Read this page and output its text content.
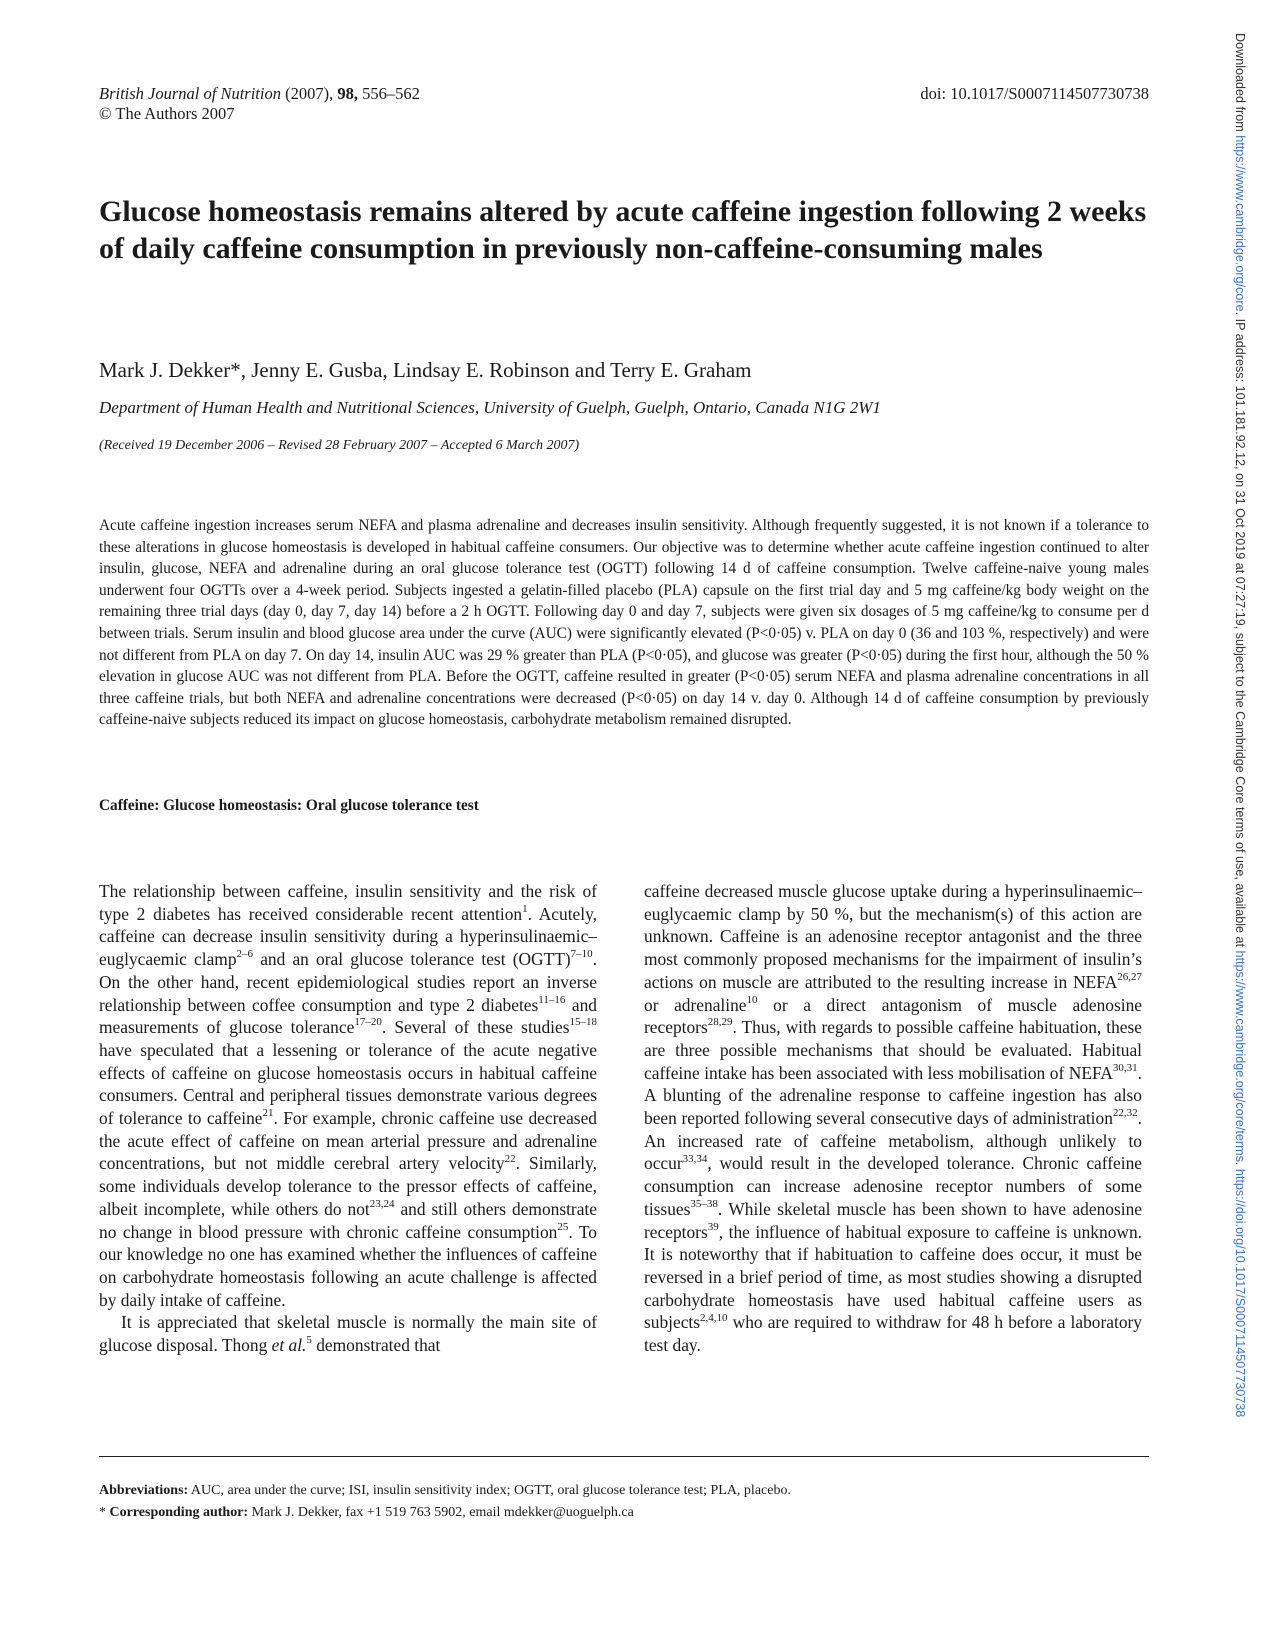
British Journal of Nutrition (2007), 98, 556–562
© The Authors 2007
doi: 10.1017/S0007114507730738
Glucose homeostasis remains altered by acute caffeine ingestion following 2 weeks of daily caffeine consumption in previously non-caffeine-consuming males
Mark J. Dekker*, Jenny E. Gusba, Lindsay E. Robinson and Terry E. Graham
Department of Human Health and Nutritional Sciences, University of Guelph, Guelph, Ontario, Canada N1G 2W1
(Received 19 December 2006 – Revised 28 February 2007 – Accepted 6 March 2007)

Acute caffeine ingestion increases serum NEFA and plasma adrenaline and decreases insulin sensitivity. Although frequently suggested, it is not known if a tolerance to these alterations in glucose homeostasis is developed in habitual caffeine consumers. Our objective was to determine whether acute caffeine ingestion continued to alter insulin, glucose, NEFA and adrenaline during an oral glucose tolerance test (OGTT) following 14 d of caffeine consumption. Twelve caffeine-naive young males underwent four OGTTs over a 4-week period. Subjects ingested a gelatin-filled placebo (PLA) capsule on the first trial day and 5 mg caffeine/kg body weight on the remaining three trial days (day 0, day 7, day 14) before a 2 h OGTT. Following day 0 and day 7, subjects were given six dosages of 5 mg caffeine/kg to consume per d between trials. Serum insulin and blood glucose area under the curve (AUC) were significantly elevated (P<0·05) v. PLA on day 0 (36 and 103 %, respectively) and were not different from PLA on day 7. On day 14, insulin AUC was 29 % greater than PLA (P<0·05), and glucose was greater (P<0·05) during the first hour, although the 50 % elevation in glucose AUC was not different from PLA. Before the OGTT, caffeine resulted in greater (P<0·05) serum NEFA and plasma adrenaline concentrations in all three caffeine trials, but both NEFA and adrenaline concentrations were decreased (P<0·05) on day 14 v. day 0. Although 14 d of caffeine consumption by previously caffeine-naive subjects reduced its impact on glucose homeostasis, carbohydrate metabolism remained disrupted.

Caffeine: Glucose homeostasis: Oral glucose tolerance test

The relationship between caffeine, insulin sensitivity and the risk of type 2 diabetes has received considerable recent attention$^1$. Acutely, caffeine can decrease insulin sensitivity during a hyperinsulinaemic–euglycaemic clamp$^{2-6}$ and an oral glucose tolerance test (OGTT)$^{7-10}$. On the other hand, recent epidemiological studies report an inverse relationship between coffee consumption and type 2 diabetes$^{11-16}$ and measurements of glucose tolerance$^{17-20}$. Several of these studies$^{15-18}$ have speculated that a lessening or tolerance of the acute negative effects of caffeine on glucose homeostasis occurs in habitual caffeine consumers. Central and peripheral tissues demonstrate various degrees of tolerance to caffeine$^{21}$. For example, chronic caffeine use decreased the acute effect of caffeine on mean arterial pressure and adrenaline concentrations, but not middle cerebral artery velocity$^{22}$. Similarly, some individuals develop tolerance to the pressor effects of caffeine, albeit incomplete, while others do not$^{23,24}$ and still others demonstrate no change in blood pressure with chronic caffeine consumption$^{25}$. To our knowledge no one has examined whether the influences of caffeine on carbohydrate homeostasis following an acute challenge is affected by daily intake of caffeine.

It is appreciated that skeletal muscle is normally the main site of glucose disposal. Thong et al.$^5$ demonstrated that

caffeine decreased muscle glucose uptake during a hyperinsulinaemic–euglycaemic clamp by 50 %, but the mechanism(s) of this action are unknown. Caffeine is an adenosine receptor antagonist and the three most commonly proposed mechanisms for the impairment of insulin’s actions on muscle are attributed to the resulting increase in NEFA$^{26,27}$ or adrenaline$^{10}$ or a direct antagonism of muscle adenosine receptors$^{28,29}$. Thus, with regards to possible caffeine habituation, these are three possible mechanisms that should be evaluated. Habitual caffeine intake has been associated with less mobilisation of NEFA$^{30,31}$. A blunting of the adrenaline response to caffeine ingestion has also been reported following several consecutive days of administration$^{22,32}$. An increased rate of caffeine metabolism, although unlikely to occur$^{33,34}$, would result in the developed tolerance. Chronic caffeine consumption can increase adenosine receptor numbers of some tissues$^{35-38}$. While skeletal muscle has been shown to have adenosine receptors$^{39}$, the influence of habitual exposure to caffeine is unknown. It is noteworthy that if habituation to caffeine does occur, it must be reversed in a brief period of time, as most studies showing a disrupted carbohydrate homeostasis have used habitual caffeine users as subjects$^{2,4,10}$ who are required to withdraw for 48 h before a laboratory test day.

Abbreviations: AUC, area under the curve; ISI, insulin sensitivity index; OGTT, oral glucose tolerance test; PLA, placebo.
* Corresponding author: Mark J. Dekker, fax +1 519 763 5902, email mdekker@uoguelph.ca
Downloaded from https://www.cambridge.org/core. IP address: 101.181.92.12, on 31 Oct 2019 at 07:27:19, subject to the Cambridge Core terms of use, available at https://www.cambridge.org/core/terms. https://doi.org/10.1017/S0007114507730738
